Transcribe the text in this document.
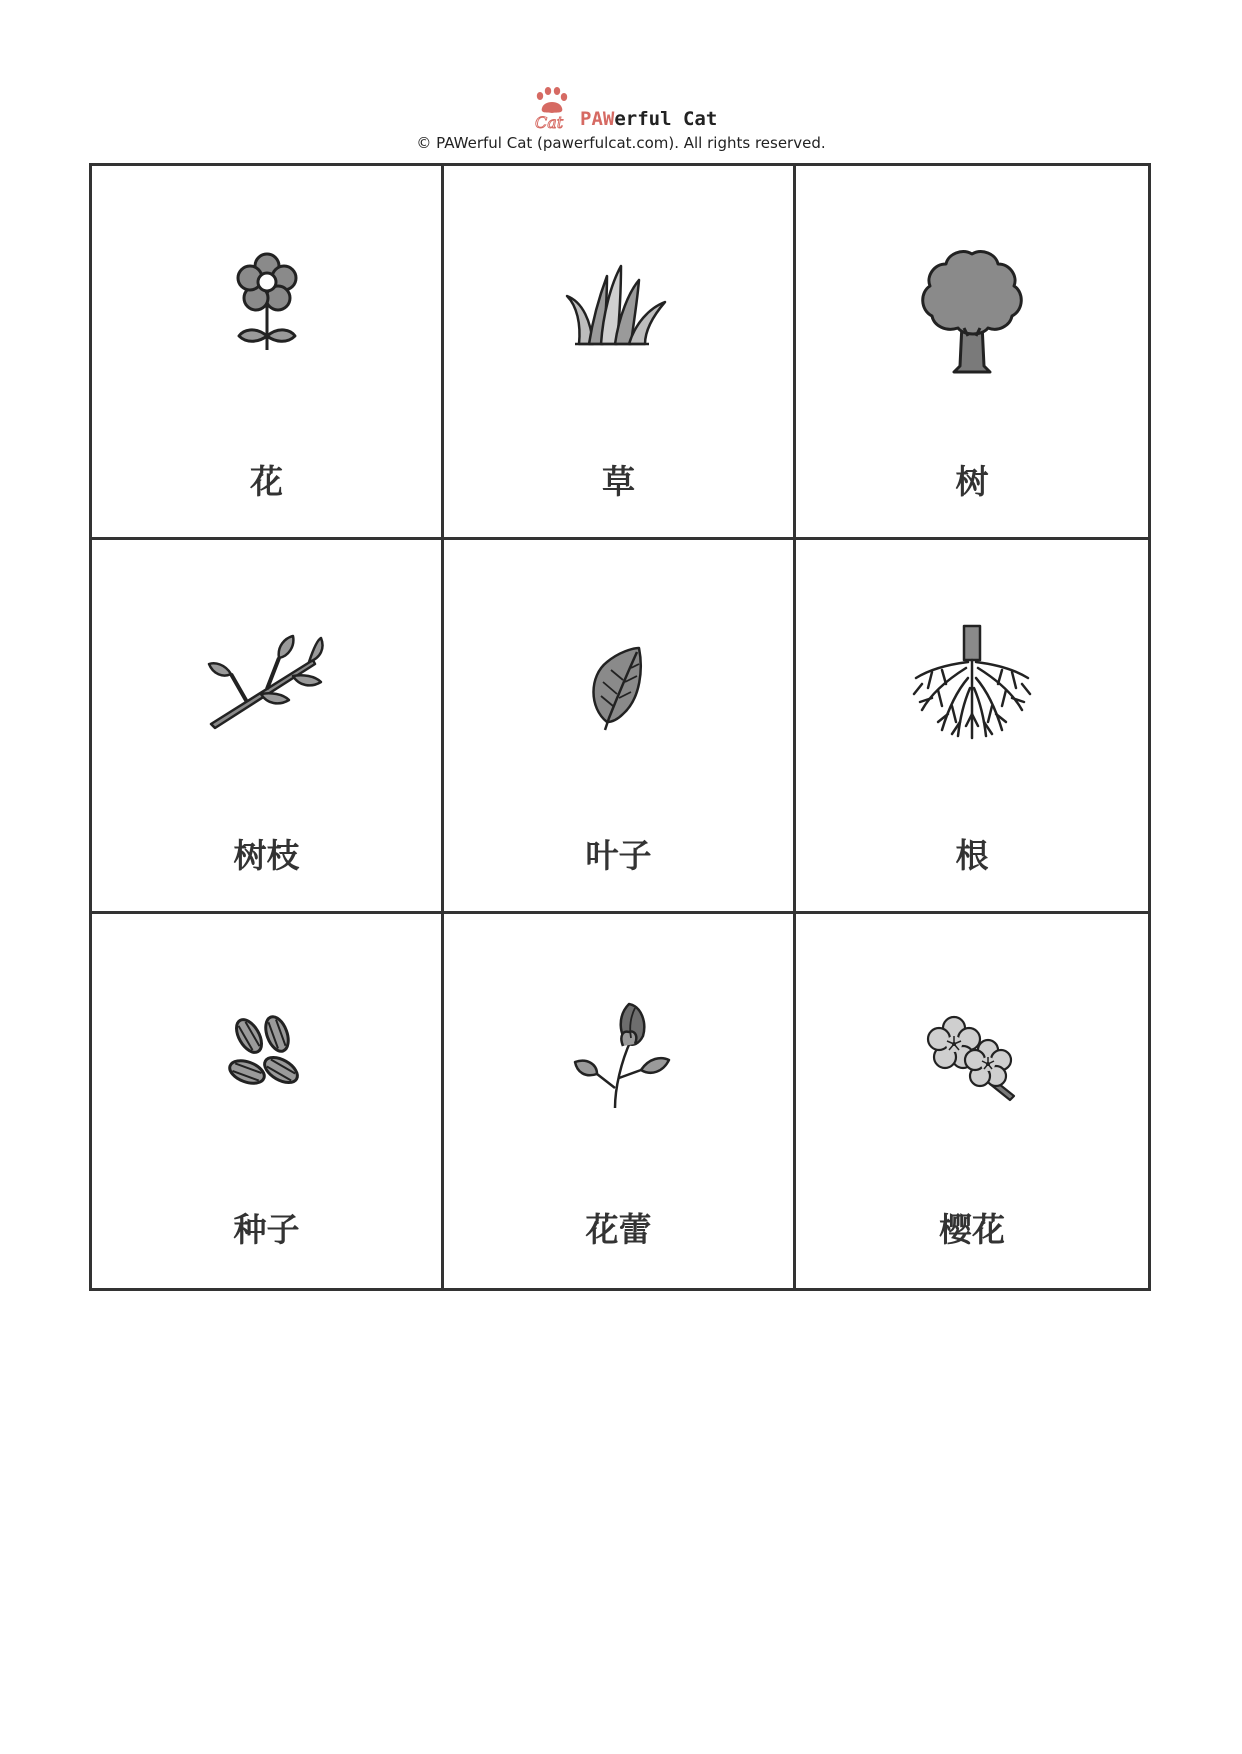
Cat PAWerful Cat
© PAWerful Cat (pawerfulcat.com). All rights reserved.
花	草	树
树枝	叶子	根
种子	花蕾	樱花
